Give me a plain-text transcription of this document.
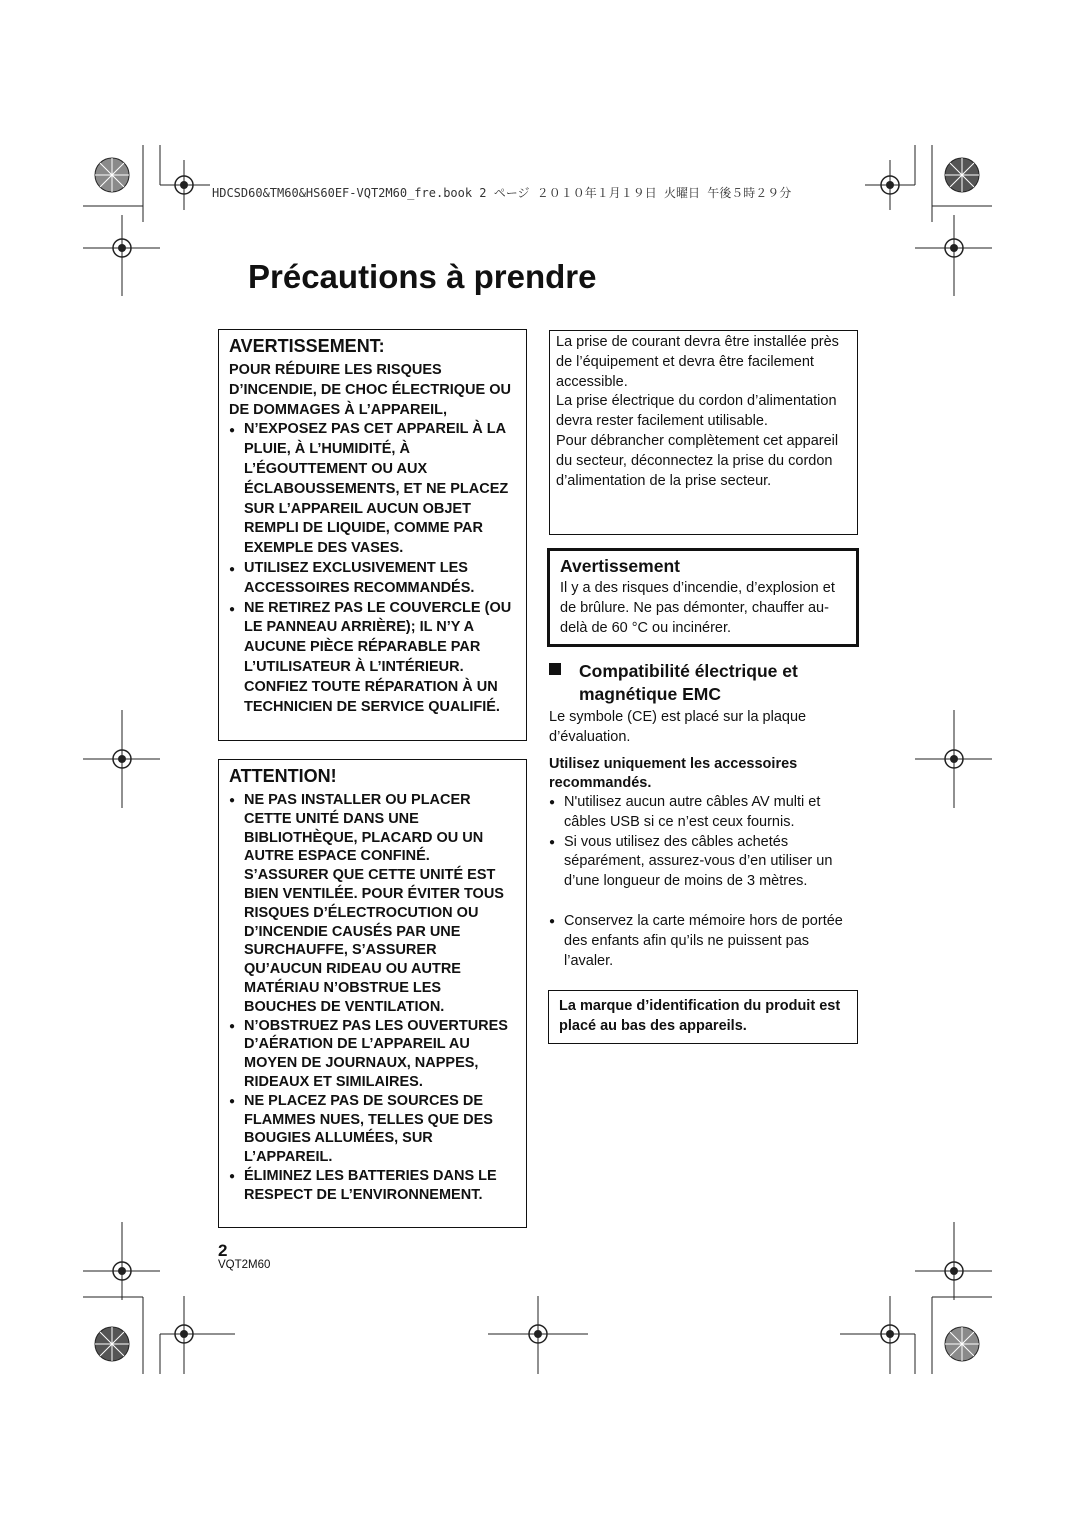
HDCSD60&TM60&HS60EF-VQT2M60_fre.book 2 ページ ２０１０年１月１９日 火曜日 午後５時２９分
Précautions à prendre
AVERTISSEMENT:
POUR RÉDUIRE LES RISQUES D’INCENDIE, DE CHOC ÉLECTRIQUE OU DE DOMMAGES À L’APPAREIL,
● N’EXPOSEZ PAS CET APPAREIL À LA PLUIE, À L’HUMIDITÉ, À L’ÉGOUTTEMENT OU AUX ÉCLABOUSSEMENTS, ET NE PLACEZ SUR L’APPAREIL AUCUN OBJET REMPLI DE LIQUIDE, COMME PAR EXEMPLE DES VASES.
● UTILISEZ EXCLUSIVEMENT LES ACCESSOIRES RECOMMANDÉS.
● NE RETIREZ PAS LE COUVERCLE (OU LE PANNEAU ARRIÈRE); IL N’Y A AUCUNE PIÈCE RÉPARABLE PAR L’UTILISATEUR À L’INTÉRIEUR. CONFIEZ TOUTE RÉPARATION À UN TECHNICIEN DE SERVICE QUALIFIÉ.
ATTENTION!
● NE PAS INSTALLER OU PLACER CETTE UNITÉ DANS UNE BIBLIOTHÈQUE, PLACARD OU UN AUTRE ESPACE CONFINÉ. S’ASSURER QUE CETTE UNITÉ EST BIEN VENTILÉE. POUR ÉVITER TOUS RISQUES D’ÉLECTROCUTION OU D’INCENDIE CAUSÉS PAR UNE SURCHAUFFE, S’ASSURER QU’AUCUN RIDEAU OU AUTRE MATÉRIAU N’OBSTRUE LES BOUCHES DE VENTILATION.
● N’OBSTRUEZ PAS LES OUVERTURES D’AÉRATION DE L’APPAREIL AU MOYEN DE JOURNAUX, NAPPES, RIDEAUX ET SIMILAIRES.
● NE PLACEZ PAS DE SOURCES DE FLAMMES NUES, TELLES QUE DES BOUGIES ALLUMÉES, SUR L’APPAREIL.
● ÉLIMINEZ LES BATTERIES DANS LE RESPECT DE L’ENVIRONNEMENT.
La prise de courant devra être installée près de l’équipement et devra être facilement accessible.
La prise électrique du cordon d’alimentation devra rester facilement utilisable.
Pour débrancher complètement cet appareil du secteur, déconnectez la prise du cordon d’alimentation de la prise secteur.
Avertissement
Il y a des risques d’incendie, d’explosion et de brûlure. Ne pas démonter, chauffer au-delà de 60 °C ou incinérer.
Compatibilité électrique et magnétique EMC
Le symbole (CE) est placé sur la plaque d’évaluation.
Utilisez uniquement les accessoires recommandés.
● N'utilisez aucun autre câbles AV multi et câbles USB si ce n’est ceux fournis.
● Si vous utilisez des câbles achetés séparément, assurez-vous d’en utiliser un d’une longueur de moins de 3 mètres.
● Conservez la carte mémoire hors de portée des enfants afin qu’ils ne puissent pas l’avaler.
La marque d’identification du produit est placé au bas des appareils.
2
VQT2M60
